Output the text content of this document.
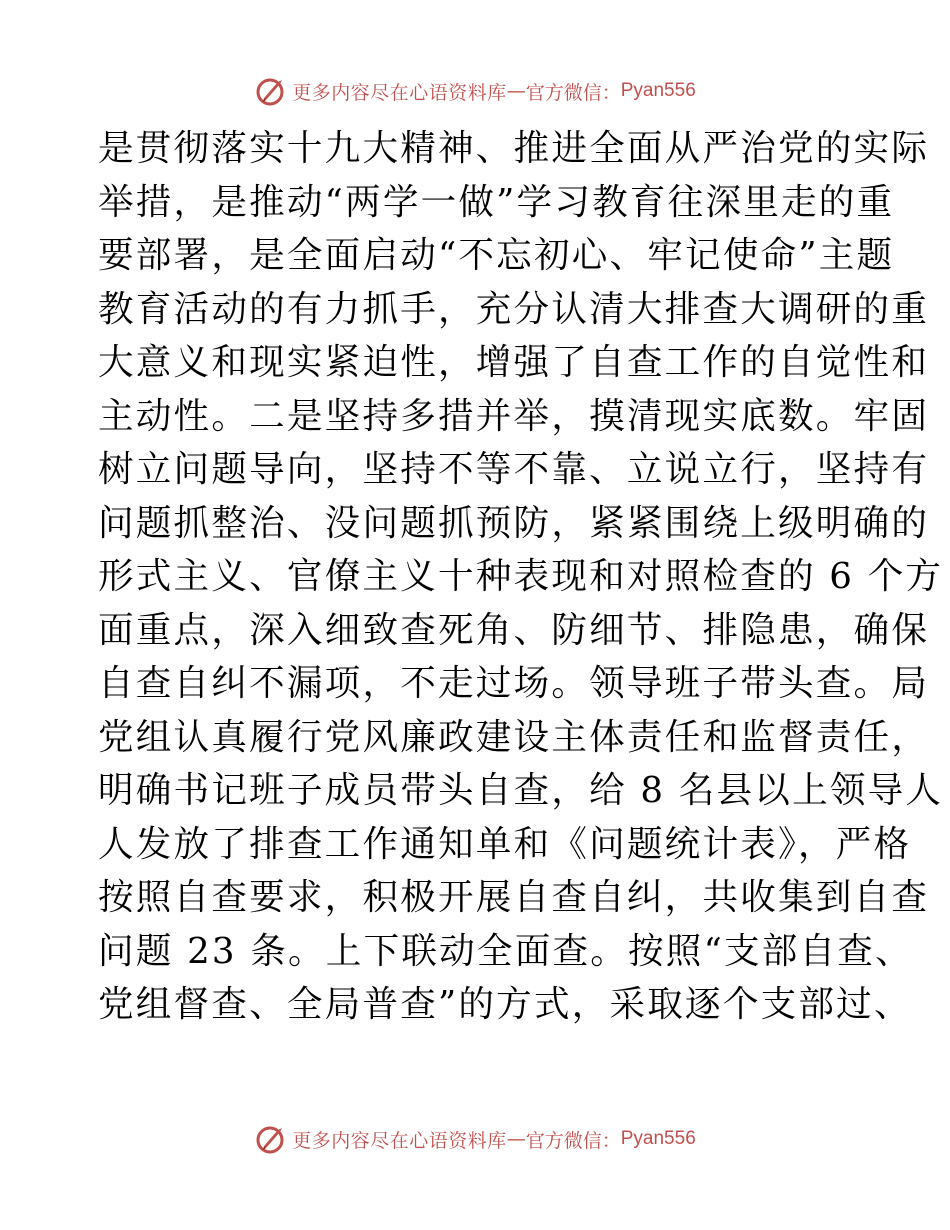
更多内容尽在心语资料库 — 官方微信： Pyan556
是贯彻落实十九大精神、推进全面从严治党的实际
举措，是推动“两学一做”学习教育往深里走的重
要部署，是全面启动“不忘初心、牢记使命”主题
教育活动的有力抓手，充分认清大排查大调研的重
大意义和现实紧迫性，增强了自查工作的自觉性和
主动性。二是坚持多措并举，摸清现实底数。牢固
树立问题导向，坚持不等不靠、立说立行，坚持有
问题抓整治、没问题抓预防，紧紧围绕上级明确的
形式主义、官僚主义十种表现和对照检查的 6 个方
面重点，深入细致查死角、防细节、排隐患，确保
自查自纠不漏项，不走过场。领导班子带头查。局
党组认真履行党风廉政建设主体责任和监督责任，
明确书记班子成员带头自查，给 8 名县以上领导人
人发放了排查工作通知单和《问题统计表》，严格
按照自查要求，积极开展自查自纠，共收集到自查
问题 23 条。上下联动全面查。按照“支部自查、
党组督查、全局普查”的方式，采取逐个支部过、
更多内容尽在心语资料库 — 官方微信： Pyan556
